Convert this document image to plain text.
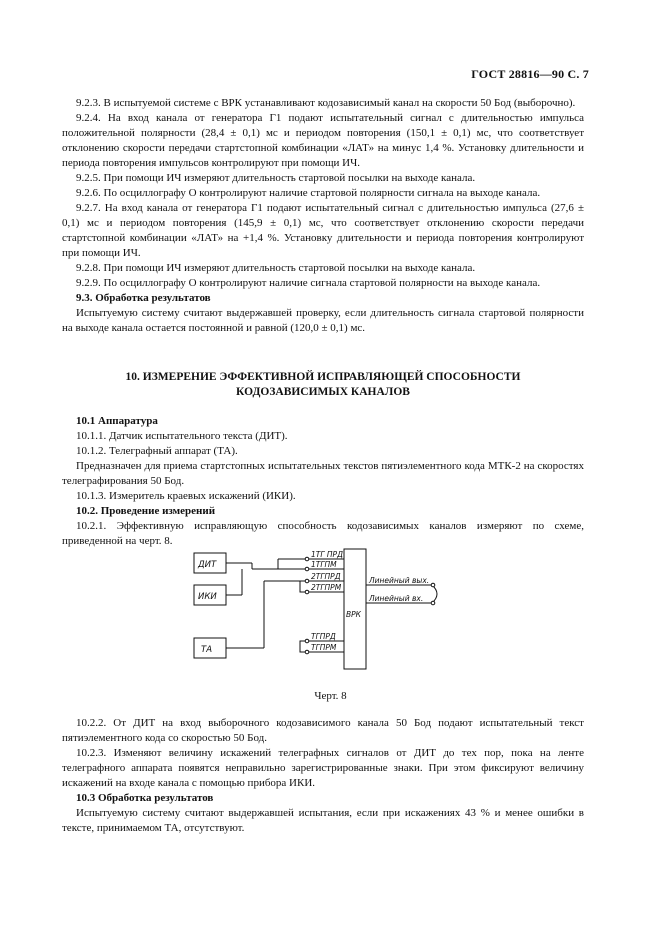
ГОСТ 28816—90 С. 7

9.2.3. В испытуемой системе с ВРК устанавливают кодозависимый канал на скорости 50 Бод (выборочно).

9.2.4. На вход канала от генератора Г1 подают испытательный сигнал с длительностью импульса положительной полярности (28,4 ± 0,1) мс и периодом повторения (150,1 ± 0,1) мс, что соответствует отклонению скорости передачи стартстопной комбинации «ЛАТ» на минус 1,4 %. Установку длительности и периода повторения импульсов контролируют при помощи ИЧ.

9.2.5. При помощи ИЧ измеряют длительность стартовой посылки на выходе канала.

9.2.6. По осциллографу О контролируют наличие стартовой полярности сигнала на выходе канала.

9.2.7. На вход канала от генератора Г1 подают испытательный сигнал с длительностью импульса (27,6 ± 0,1) мс и периодом повторения (145,9 ± 0,1) мс, что соответствует отклонению скорости передачи стартстопной комбинации «ЛАТ» на +1,4 %. Установку длительности и периода повторения контролируют при помощи ИЧ.

9.2.8. При помощи ИЧ измеряют длительность стартовой посылки на выходе канала.

9.2.9. По осциллографу О контролируют наличие сигнала стартовой полярности на выходе канала.

9.3. Обработка результатов

Испытуемую систему считают выдержавшей проверку, если длительность сигнала стартовой полярности на выходе канала остается постоянной и равной (120,0 ± 0,1) мс.

10. ИЗМЕРЕНИЕ ЭФФЕКТИВНОЙ ИСПРАВЛЯЮЩЕЙ СПОСОБНОСТИ

КОДОЗАВИСИМЫХ КАНАЛОВ

10.1 Аппаратура

10.1.1. Датчик испытательного текста (ДИТ).

10.1.2. Телеграфный аппарат (ТА).

Предназначен для приема стартстопных испытательных текстов пятиэлементного кода МТК-2 на скоростях телеграфирования 50 Бод.

10.1.3. Измеритель краевых искажений (ИКИ).

10.2. Проведение измерений

10.2.1. Эффективную исправляющую способность кодозависимых каналов измеряют по схеме, приведенной на черт. 8.

ДИТ
ИКИ
ТА
ВРК
1ТГ ПРД
1ТГПМ
2ТГПРД
2ТГПРМ
ТГПРД
ТГПРМ
Линейный вых.
Линейный вх.
Черт. 8

10.2.2. От ДИТ на вход выборочного кодозависимого канала 50 Бод подают испытательный текст пятиэлементного кода со скоростью 50 Бод.

10.2.3. Изменяют величину искажений телеграфных сигналов от ДИТ до тех пор, пока на ленте телеграфного аппарата появятся неправильно зарегистрированные знаки. При этом фиксируют величину искажений на входе канала с помощью прибора ИКИ.

10.3 Обработка результатов

Испытуемую систему считают выдержавшей испытания, если при искажениях 43 % и менее ошибки в тексте, принимаемом ТА, отсутствуют.
